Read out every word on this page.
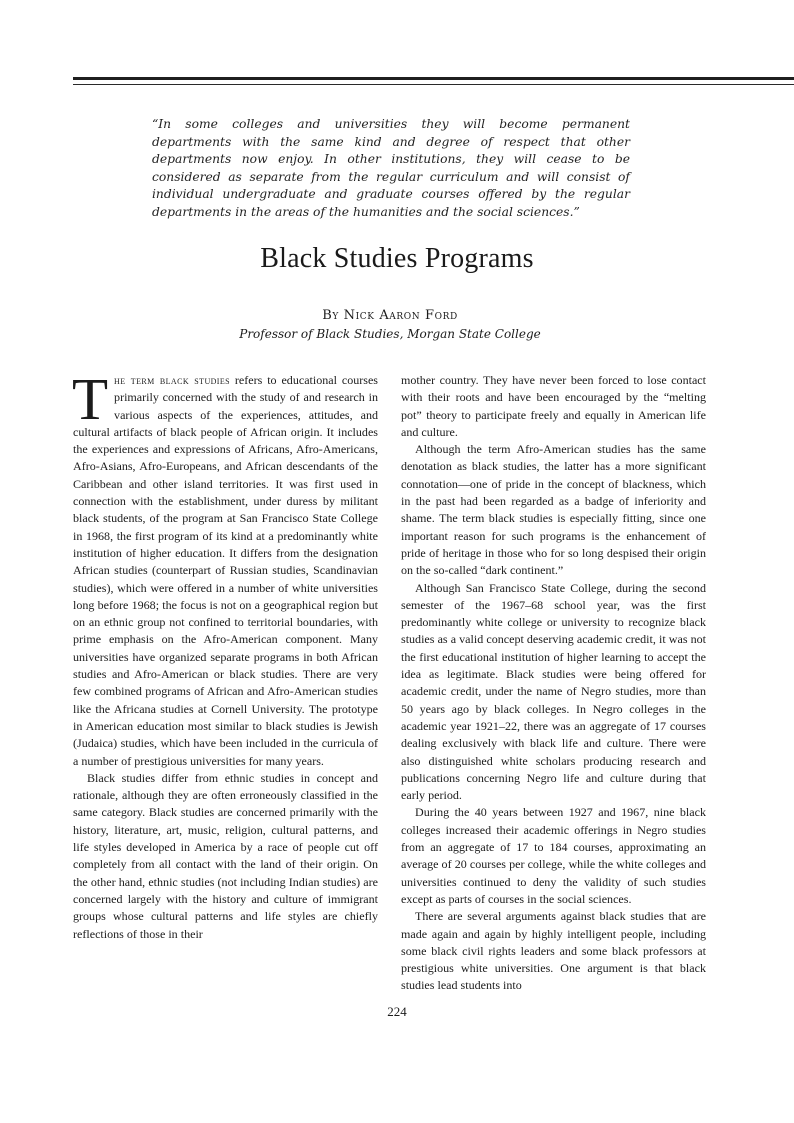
“In some colleges and universities they will become permanent departments with the same kind and degree of respect that other departments now enjoy. In other institutions, they will cease to be considered as separate from the regular curriculum and will consist of individual undergraduate and graduate courses offered by the regular departments in the areas of the humanities and the social sciences.”
Black Studies Programs
By Nick Aaron Ford
Professor of Black Studies, Morgan State College

The term black studies refers to educational courses primarily concerned with the study of and research in various aspects of the experiences, attitudes, and cultural artifacts of black people of African origin. It includes the experiences and expressions of Africans, Afro-Americans, Afro-Asians, Afro-Europeans, and African descendants of the Caribbean and other island territories. It was first used in connection with the establishment, under duress by militant black students, of the program at San Francisco State College in 1968, the first program of its kind at a predominantly white institution of higher education. It differs from the designation African studies (counterpart of Russian studies, Scandinavian studies), which were offered in a number of white universities long before 1968; the focus is not on a geographical region but on an ethnic group not confined to territorial boundaries, with prime emphasis on the Afro-American component. Many universities have organized separate programs in both African studies and Afro-American or black studies. There are very few combined programs of African and Afro-American studies like the Africana studies at Cornell University. The prototype in American education most similar to black studies is Jewish (Judaica) studies, which have been included in the curricula of a number of prestigious universities for many years.

Black studies differ from ethnic studies in concept and rationale, although they are often erroneously classified in the same category. Black studies are concerned primarily with the history, literature, art, music, religion, cultural patterns, and life styles developed in America by a race of people cut off completely from all contact with the land of their origin. On the other hand, ethnic studies (not including Indian studies) are concerned largely with the history and culture of immigrant groups whose cultural patterns and life styles are chiefly reflections of those in their

mother country. They have never been forced to lose contact with their roots and have been encouraged by the “melting pot” theory to participate freely and equally in American life and culture.

Although the term Afro-American studies has the same denotation as black studies, the latter has a more significant connotation—one of pride in the concept of blackness, which in the past had been regarded as a badge of inferiority and shame. The term black studies is especially fitting, since one important reason for such programs is the enhancement of pride of heritage in those who for so long despised their origin on the so-called “dark continent.”

Although San Francisco State College, during the second semester of the 1967–68 school year, was the first predominantly white college or university to recognize black studies as a valid concept deserving academic credit, it was not the first educational institution of higher learning to accept the idea as legitimate. Black studies were being offered for academic credit, under the name of Negro studies, more than 50 years ago by black colleges. In Negro colleges in the academic year 1921–22, there was an aggregate of 17 courses dealing exclusively with black life and culture. There were also distinguished white scholars producing research and publications concerning Negro life and culture during that early period.

During the 40 years between 1927 and 1967, nine black colleges increased their academic offerings in Negro studies from an aggregate of 17 to 184 courses, approximating an average of 20 courses per college, while the white colleges and universities continued to deny the validity of such studies except as parts of courses in the social sciences.

There are several arguments against black studies that are made again and again by highly intelligent people, including some black civil rights leaders and some black professors at prestigious white universities. One argument is that black studies lead students into

224
